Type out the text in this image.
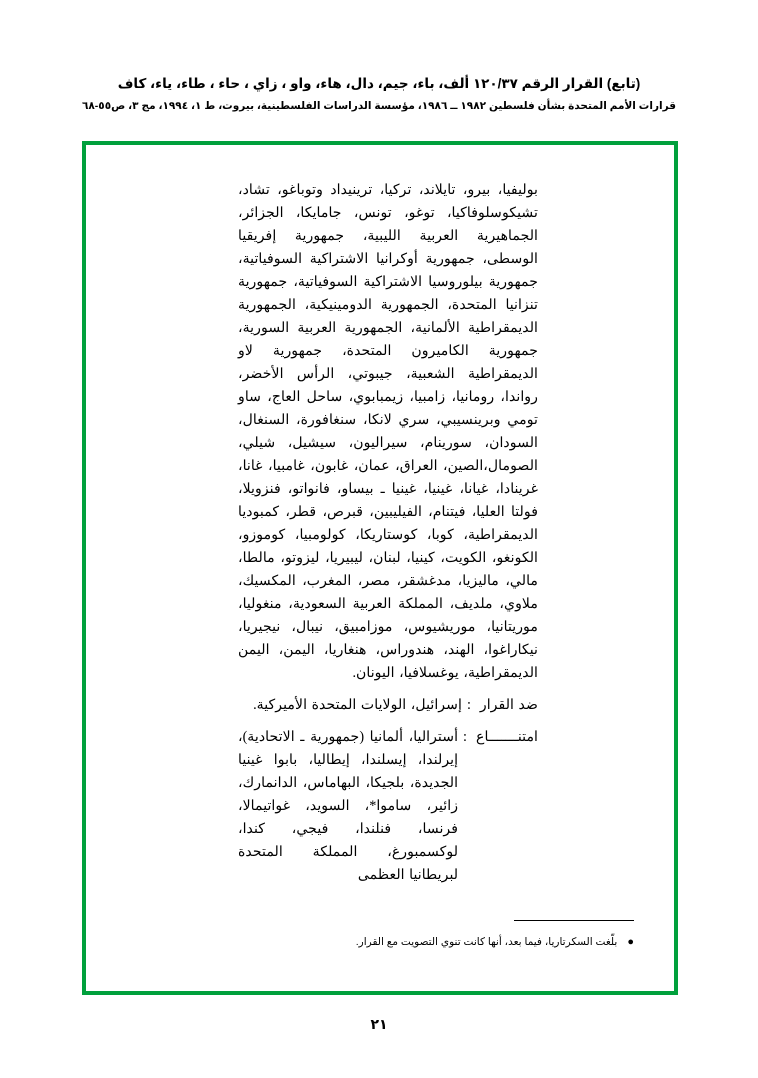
(تابع) القرار الرقم ١٢٠/٣٧ ألف، باء، جيم، دال، هاء، واو ، زاي ، حاء ، طاء، ياء، كاف
قرارات الأمم المتحدة بشأن فلسطين ١٩٨٢ ــ ١٩٨٦، مؤسسة الدراسات الفلسطينية، بيروت، ط ١، ١٩٩٤، مج ٣، ص٥٥-٦٨

بوليفيا، بيرو، تايلاند، تركيا، ترينيداد وتوباغو، تشاد، تشيكوسلوفاكيا، توغو، تونس، جامايكا، الجزائر، الجماهيرية العربية الليبية، جمهورية إفريقيا الوسطى، جمهورية أوكرانيا الاشتراكية السوفياتية، جمهورية بيلوروسيا الاشتراكية السوفياتية، جمهورية تنزانيا المتحدة، الجمهورية الدومينيكية، الجمهورية الديمقراطية الألمانية، الجمهورية العربية السورية، جمهورية الكاميرون المتحدة، جمهورية لاو الديمقراطية الشعبية، جيبوتي، الرأس الأخضر، رواندا، رومانيا، زامبيا، زيمبابوي، ساحل العاج، ساو تومي وبرينسيبي، سري لانكا، سنغافورة، السنغال، السودان، سورينام، سيراليون، سيشيل، شيلي، الصومال،الصين، العراق، عمان، غابون، غامبيا، غانا، غرينادا، غيانا، غينيا، غينيا ـ بيساو، فانواتو، فنزويلا، فولتا العليا، فيتنام، الفيليبين، قبرص، قطر، كمبوديا الديمقراطية، كوبا، كوستاريكا، كولومبيا، كوموزو، الكونغو، الكويت، كينيا، لبنان، ليبيريا، ليزوتو، مالطا، مالي، ماليزيا، مدغشقر، مصر، المغرب، المكسيك، ملاوي، ملديف، المملكة العربية السعودية، منغوليا، موريتانيا، موريشيوس، موزامبيق، نيبال، نيجيريا، نيكاراغوا، الهند، هندوراس، هنغاريا، اليمن، اليمن الديمقراطية، يوغسلافيا، اليونان.

ضد القرار
:
إسرائيل، الولايات المتحدة الأميركية.
امتنـــــــاع
:
أستراليا، ألمانيا (جمهورية ـ الاتحادية)، إيرلندا، إيسلندا، إيطاليا، بابوا غينيا الجديدة، بلجيكا، البهاماس، الدانمارك، زائير، ساموا*، السويد، غواتيمالا، فرنسا، فنلندا، فيجي، كندا، لوكسمبورغ، المملكة المتحدة لبريطانيا العظمى
●
بلّغت السكرتاريا، فيما بعد، أنها كانت تنوي التصويت مع القرار.
٢١
